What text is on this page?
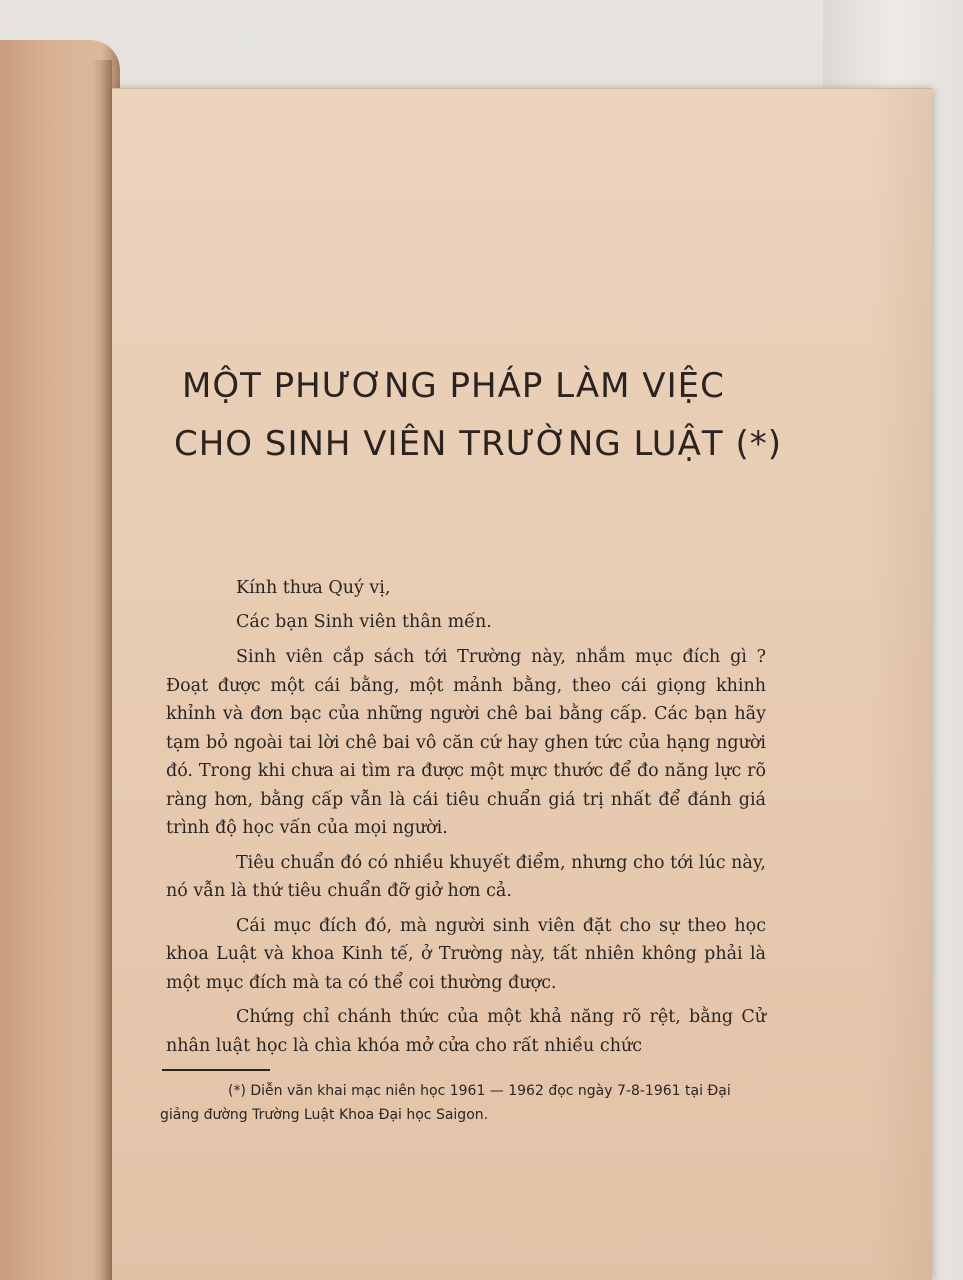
MỘT PHƯƠNG PHÁP LÀM VIỆC
CHO SINH VIÊN TRƯỜNG LUẬT (*)
Kính thưa Quý vị,
Các bạn Sinh viên thân mến.

Sinh viên cắp sách tới Trường này, nhắm mục đích gì ? Đoạt được một cái bằng, một mảnh bằng, theo cái giọng khinh khỉnh và đơn bạc của những người chê bai bằng cấp. Các bạn hãy tạm bỏ ngoài tai lời chê bai vô căn cứ hay ghen tức của hạng người đó. Trong khi chưa ai tìm ra được một mực thước để đo năng lực rõ ràng hơn, bằng cấp vẫn là cái tiêu chuẩn giá trị nhất để đánh giá trình độ học vấn của mọi người.

Tiêu chuẩn đó có nhiều khuyết điểm, nhưng cho tới lúc này, nó vẫn là thứ tiêu chuẩn đỡ giở hơn cả.

Cái mục đích đó, mà người sinh viên đặt cho sự theo học khoa Luật và khoa Kinh tế, ở Trường này, tất nhiên không phải là một mục đích mà ta có thể coi thường được.

Chứng chỉ chánh thức của một khả năng rõ rệt, bằng Cử nhân luật học là chìa khóa mở cửa cho rất nhiều chức

(*) Diễn văn khai mạc niên học 1961 — 1962 đọc ngày 7-8-1961 tại Đại
giảng đường Trường Luật Khoa Đại học Saigon.
